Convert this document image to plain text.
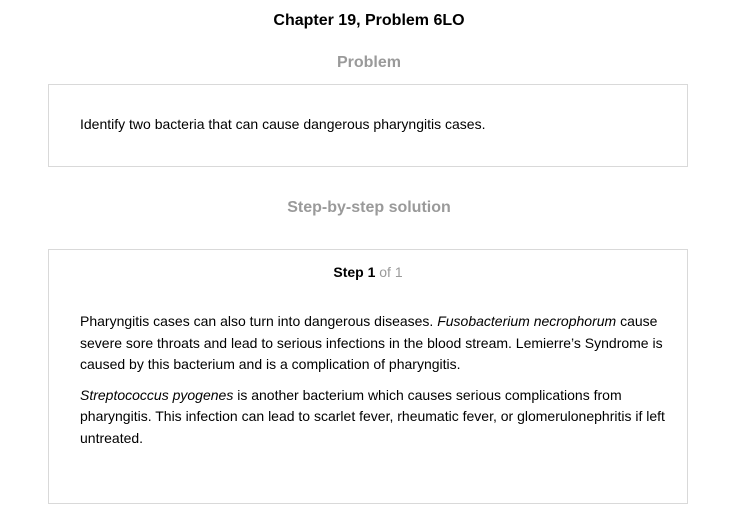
Chapter 19, Problem 6LO
Problem
Identify two bacteria that can cause dangerous pharyngitis cases.
Step-by-step solution
Step 1 of 1

Pharyngitis cases can also turn into dangerous diseases. Fusobacterium necrophorum cause severe sore throats and lead to serious infections in the blood stream. Lemierre’s Syndrome is caused by this bacterium and is a complication of pharyngitis.

Streptococcus pyogenes is another bacterium which causes serious complications from pharyngitis. This infection can lead to scarlet fever, rheumatic fever, or glomerulonephritis if left untreated.
